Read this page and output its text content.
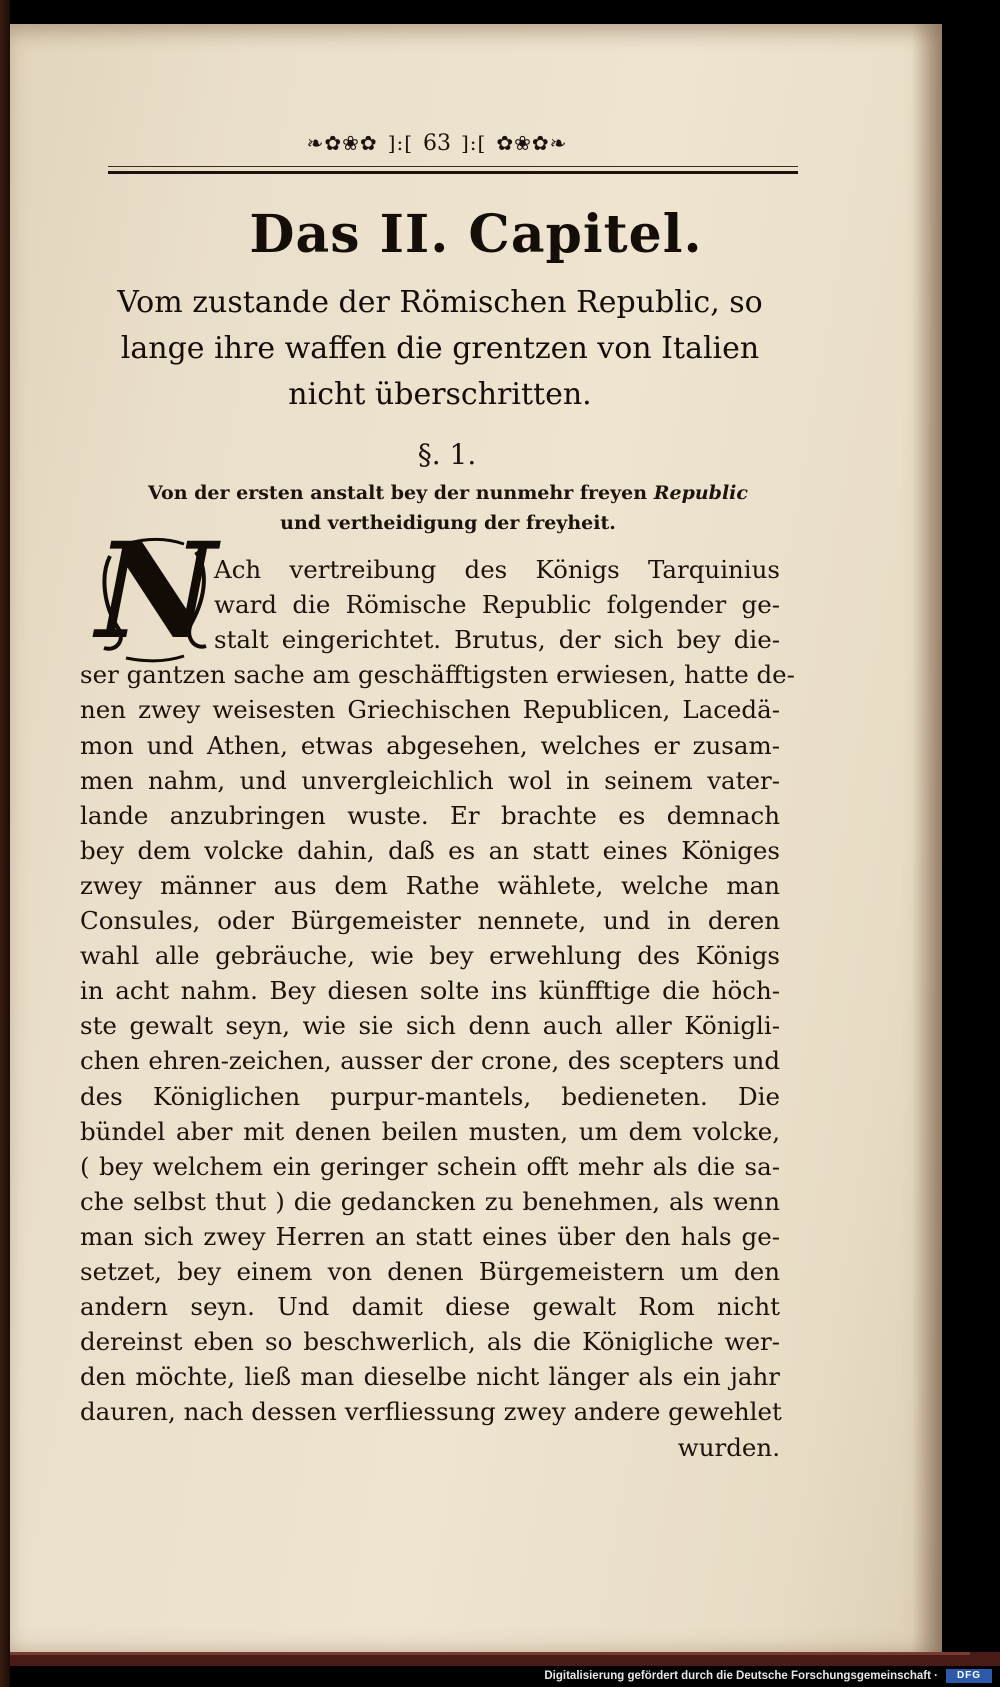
❧✿❀✿ ]:[ 63 ]:[ ✿❀✿❧
Das II. Capitel.

Vom zustande der Römischen Republic, so lange ihre waffen die grentzen von Italien nicht überschritten.

§. 1.

Von der ersten anstalt bey der nunmehr freyen Republic
und vertheidigung der freyheit.

N
Ach vertreibung des Königs Tarquinius
ward die Römische Republic folgender ge-
stalt eingerichtet. Brutus, der sich bey die-
ser gantzen sache am geschäfftigsten erwiesen, hatte de-
nen zwey weisesten Griechischen Republicen, Lacedä-
mon und Athen, etwas abgesehen, welches er zusam-
men nahm, und unvergleichlich wol in seinem vater-
lande anzubringen wuste. Er brachte es demnach
bey dem volcke dahin, daß es an statt eines Königes
zwey männer aus dem Rathe wählete, welche man
Consules, oder Bürgemeister nennete, und in deren
wahl alle gebräuche, wie bey erwehlung des Königs
in acht nahm. Bey diesen solte ins künfftige die höch-
ste gewalt seyn, wie sie sich denn auch aller Königli-
chen ehren-zeichen, ausser der crone, des scepters und
des Königlichen purpur-mantels, bedieneten. Die
bündel aber mit denen beilen musten, um dem volcke,
( bey welchem ein geringer schein offt mehr als die sa-
che selbst thut ) die gedancken zu benehmen, als wenn
man sich zwey Herren an statt eines über den hals ge-
setzet, bey einem von denen Bürgemeistern um den
andern seyn. Und damit diese gewalt Rom nicht
dereinst eben so beschwerlich, als die Königliche wer-
den möchte, ließ man dieselbe nicht länger als ein jahr
dauren, nach dessen verfliessung zwey andere gewehlet
wurden.
Digitalisierung gefördert durch die Deutsche Forschungsgemeinschaft ·	DFG
